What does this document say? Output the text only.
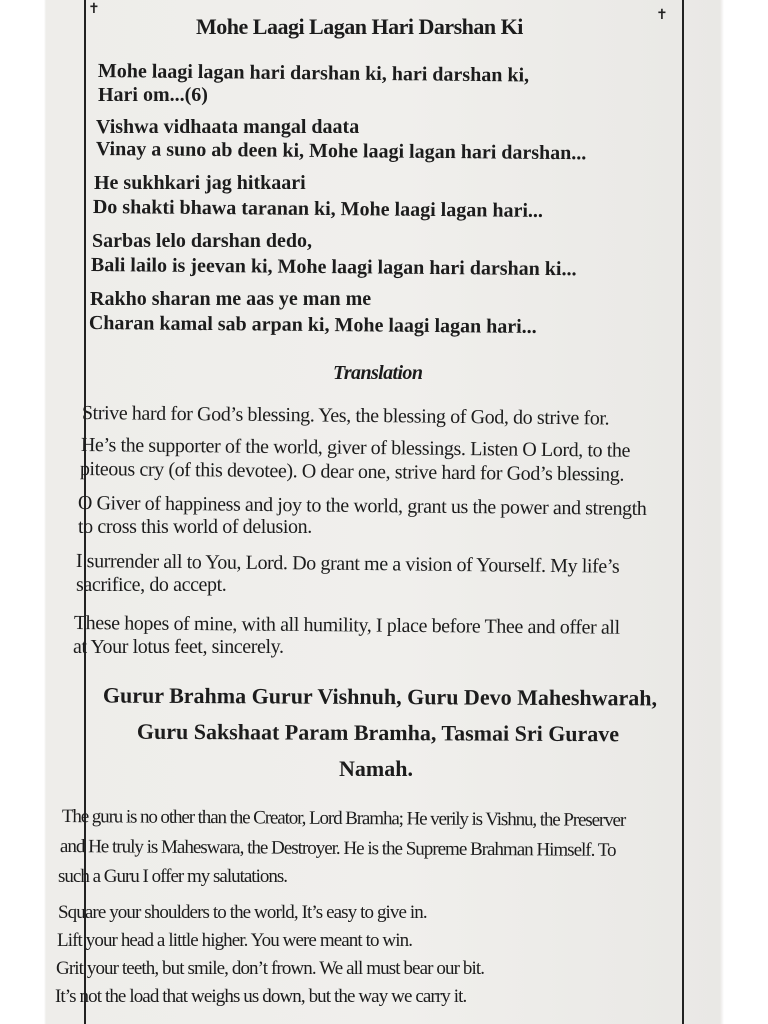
✝	✝
Mohe Laagi Lagan Hari Darshan Ki
Mohe laagi lagan hari darshan ki, hari darshan ki,
Hari om...(6)
Vishwa vidhaata mangal daata
Vinay a suno ab deen ki, Mohe laagi lagan hari darshan...
He sukhkari jag hitkaari
Do shakti bhawa taranan ki, Mohe laagi lagan hari...
Sarbas lelo darshan dedo,
Bali lailo is jeevan ki, Mohe laagi lagan hari darshan ki...
Rakho sharan me aas ye man me
Charan kamal sab arpan ki, Mohe laagi lagan hari...
Translation
Strive hard for God’s blessing. Yes, the blessing of God, do strive for.
He’s the supporter of the world, giver of blessings. Listen O Lord, to the
piteous cry (of this devotee). O dear one, strive hard for God’s blessing.
O Giver of happiness and joy to the world, grant us the power and strength
to cross this world of delusion.
I surrender all to You, Lord. Do grant me a vision of Yourself. My life’s
sacrifice, do accept.
These hopes of mine, with all humility, I place before Thee and offer all
at Your lotus feet, sincerely.
Gurur Brahma Gurur Vishnuh, Guru Devo Maheshwarah,
Guru Sakshaat Param Bramha, Tasmai Sri Gurave
Namah.
The guru is no other than the Creator, Lord Bramha; He verily is Vishnu, the Preserver
and He truly is Maheswara, the Destroyer. He is the Supreme Brahman Himself. To
such a Guru I offer my salutations.
Square your shoulders to the world, It’s easy to give in.
Lift your head a little higher. You were meant to win.
Grit your teeth, but smile, don’t frown. We all must bear our bit.
It’s not the load that weighs us down, but the way we carry it.
